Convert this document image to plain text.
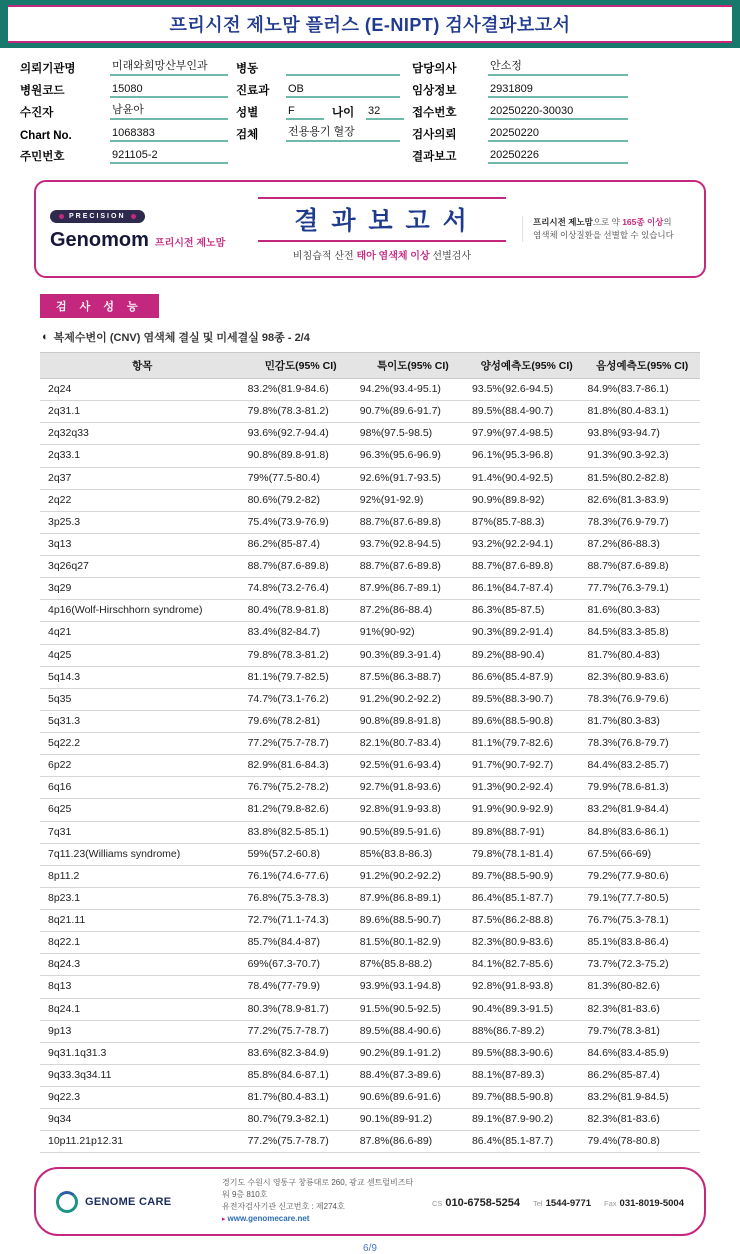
프리시전 제노맘 플러스 (E-NIPT) 검사결과보고서
의뢰기관명	미래와희망산부인과	병동	담당의사	안소정
병원코드	15080	진료과	OB	임상정보	2931809
수진자	남윤아	성별	F	나이	32	접수번호	20250220-30030
Chart No.	1068383	검체	전용용기 혈장	검사의뢰	20250220
주민번호	921105-2	결과보고	20250226
PRECISION
Genomom 프리시전 제노맘
결 과 보 고 서
비침습적 산전 태아 염색체 이상 선별검사
프리시전 제노맘으로 약 165종 이상의
염색체 이상질환을 선별할 수 있습니다
검 사 성 능
◐ 복제수변이 (CNV) 염색체 결실 및 미세결실 98종 - 2/4
항목	민감도(95% CI)	특이도(95% CI)	양성예측도(95% CI)	음성예측도(95% CI)
2q24	83.2%(81.9-84.6)	94.2%(93.4-95.1)	93.5%(92.6-94.5)	84.9%(83.7-86.1)
2q31.1	79.8%(78.3-81.2)	90.7%(89.6-91.7)	89.5%(88.4-90.7)	81.8%(80.4-83.1)
2q32q33	93.6%(92.7-94.4)	98%(97.5-98.5)	97.9%(97.4-98.5)	93.8%(93-94.7)
2q33.1	90.8%(89.8-91.8)	96.3%(95.6-96.9)	96.1%(95.3-96.8)	91.3%(90.3-92.3)
2q37	79%(77.5-80.4)	92.6%(91.7-93.5)	91.4%(90.4-92.5)	81.5%(80.2-82.8)
2q22	80.6%(79.2-82)	92%(91-92.9)	90.9%(89.8-92)	82.6%(81.3-83.9)
3p25.3	75.4%(73.9-76.9)	88.7%(87.6-89.8)	87%(85.7-88.3)	78.3%(76.9-79.7)
3q13	86.2%(85-87.4)	93.7%(92.8-94.5)	93.2%(92.2-94.1)	87.2%(86-88.3)
3q26q27	88.7%(87.6-89.8)	88.7%(87.6-89.8)	88.7%(87.6-89.8)	88.7%(87.6-89.8)
3q29	74.8%(73.2-76.4)	87.9%(86.7-89.1)	86.1%(84.7-87.4)	77.7%(76.3-79.1)
4p16(Wolf-Hirschhorn syndrome)	80.4%(78.9-81.8)	87.2%(86-88.4)	86.3%(85-87.5)	81.6%(80.3-83)
4q21	83.4%(82-84.7)	91%(90-92)	90.3%(89.2-91.4)	84.5%(83.3-85.8)
4q25	79.8%(78.3-81.2)	90.3%(89.3-91.4)	89.2%(88-90.4)	81.7%(80.4-83)
5q14.3	81.1%(79.7-82.5)	87.5%(86.3-88.7)	86.6%(85.4-87.9)	82.3%(80.9-83.6)
5q35	74.7%(73.1-76.2)	91.2%(90.2-92.2)	89.5%(88.3-90.7)	78.3%(76.9-79.6)
5q31.3	79.6%(78.2-81)	90.8%(89.8-91.8)	89.6%(88.5-90.8)	81.7%(80.3-83)
5q22.2	77.2%(75.7-78.7)	82.1%(80.7-83.4)	81.1%(79.7-82.6)	78.3%(76.8-79.7)
6p22	82.9%(81.6-84.3)	92.5%(91.6-93.4)	91.7%(90.7-92.7)	84.4%(83.2-85.7)
6q16	76.7%(75.2-78.2)	92.7%(91.8-93.6)	91.3%(90.2-92.4)	79.9%(78.6-81.3)
6q25	81.2%(79.8-82.6)	92.8%(91.9-93.8)	91.9%(90.9-92.9)	83.2%(81.9-84.4)
7q31	83.8%(82.5-85.1)	90.5%(89.5-91.6)	89.8%(88.7-91)	84.8%(83.6-86.1)
7q11.23(Williams syndrome)	59%(57.2-60.8)	85%(83.8-86.3)	79.8%(78.1-81.4)	67.5%(66-69)
8p11.2	76.1%(74.6-77.6)	91.2%(90.2-92.2)	89.7%(88.5-90.9)	79.2%(77.9-80.6)
8p23.1	76.8%(75.3-78.3)	87.9%(86.8-89.1)	86.4%(85.1-87.7)	79.1%(77.7-80.5)
8q21.11	72.7%(71.1-74.3)	89.6%(88.5-90.7)	87.5%(86.2-88.8)	76.7%(75.3-78.1)
8q22.1	85.7%(84.4-87)	81.5%(80.1-82.9)	82.3%(80.9-83.6)	85.1%(83.8-86.4)
8q24.3	69%(67.3-70.7)	87%(85.8-88.2)	84.1%(82.7-85.6)	73.7%(72.3-75.2)
8q13	78.4%(77-79.9)	93.9%(93.1-94.8)	92.8%(91.8-93.8)	81.3%(80-82.6)
8q24.1	80.3%(78.9-81.7)	91.5%(90.5-92.5)	90.4%(89.3-91.5)	82.3%(81-83.6)
9p13	77.2%(75.7-78.7)	89.5%(88.4-90.6)	88%(86.7-89.2)	79.7%(78.3-81)
9q31.1q31.3	83.6%(82.3-84.9)	90.2%(89.1-91.2)	89.5%(88.3-90.6)	84.6%(83.4-85.9)
9q33.3q34.11	85.8%(84.6-87.1)	88.4%(87.3-89.6)	88.1%(87-89.3)	86.2%(85-87.4)
9q22.3	81.7%(80.4-83.1)	90.6%(89.6-91.6)	89.7%(88.5-90.8)	83.2%(81.9-84.5)
9q34	80.7%(79.3-82.1)	90.1%(89-91.2)	89.1%(87.9-90.2)	82.3%(81-83.6)
10p11.21p12.31	77.2%(75.7-78.7)	87.8%(86.6-89)	86.4%(85.1-87.7)	79.4%(78-80.8)
GENOME CARE
경기도 수원시 영통구 창룡대로 260, 광교 센트럴비즈타워 9층 810호
유전자검사기관 신고번호 : 제274호
▸ www.genomecare.net
CS 010-6758-5254 Tel 1544-9771 Fax 031-8019-5004
6/9
